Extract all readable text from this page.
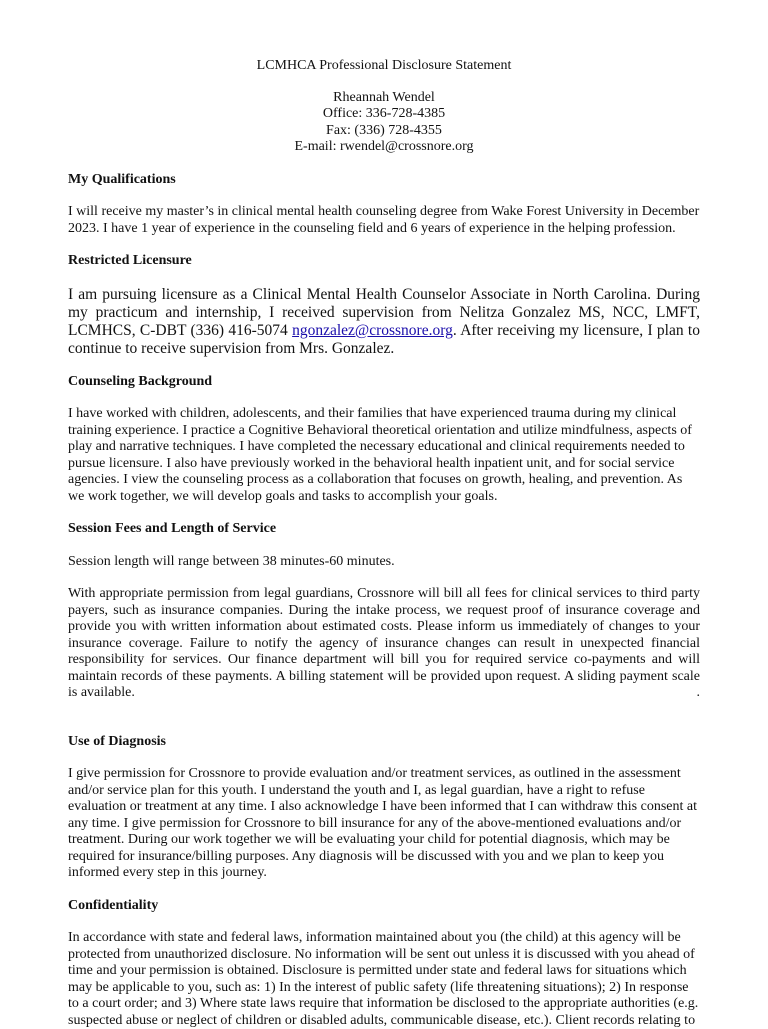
LCMHCA Professional Disclosure Statement
Rheannah Wendel
Office: 336-728-4385
Fax: (336) 728-4355
E-mail: rwendel@crossnore.org
My Qualifications
I will receive my master’s in clinical mental health counseling degree from Wake Forest University in December 2023. I have 1 year of experience in the counseling field and 6 years of experience in the helping profession.
Restricted Licensure
I am pursuing licensure as a Clinical Mental Health Counselor Associate in North Carolina. During my practicum and internship, I received supervision from Nelitza Gonzalez MS, NCC, LMFT, LCMHCS, C-DBT (336) 416-5074 ngonzalez@crossnore.org. After receiving my licensure, I plan to continue to receive supervision from Mrs. Gonzalez.
Counseling Background
I have worked with children, adolescents, and their families that have experienced trauma during my clinical training experience. I practice a Cognitive Behavioral theoretical orientation and utilize mindfulness, aspects of play and narrative techniques. I have completed the necessary educational and clinical requirements needed to pursue licensure. I also have previously worked in the behavioral health inpatient unit, and for social service agencies. I view the counseling process as a collaboration that focuses on growth, healing, and prevention. As we work together, we will develop goals and tasks to accomplish your goals.
Session Fees and Length of Service
Session length will range between 38 minutes-60 minutes.
With appropriate permission from legal guardians, Crossnore will bill all fees for clinical services to third party payers, such as insurance companies. During the intake process, we request proof of insurance coverage and provide you with written information about estimated costs. Please inform us immediately of changes to your insurance coverage. Failure to notify the agency of insurance changes can result in unexpected financial responsibility for services. Our finance department will bill you for required service co-payments and will maintain records of these payments. A billing statement will be provided upon request. A sliding payment scale is available.	.
Use of Diagnosis
I give permission for Crossnore to provide evaluation and/or treatment services, as outlined in the assessment and/or service plan for this youth. I understand the youth and I, as legal guardian, have a right to refuse evaluation or treatment at any time. I also acknowledge I have been informed that I can withdraw this consent at any time. I give permission for Crossnore to bill insurance for any of the above-mentioned evaluations and/or treatment. During our work together we will be evaluating your child for potential diagnosis, which may be required for insurance/billing purposes. Any diagnosis will be discussed with you and we plan to keep you informed every step in this journey.
Confidentiality
In accordance with state and federal laws, information maintained about you (the child) at this agency will be protected from unauthorized disclosure. No information will be sent out unless it is discussed with you ahead of time and your permission is obtained. Disclosure is permitted under state and federal laws for situations which may be applicable to you, such as: 1) In the interest of public safety (life threatening situations); 2) In response to a court order; and 3) Where state laws require that information be disclosed to the appropriate authorities (e.g. suspected abuse or neglect of children or disabled adults, communicable disease, etc.). Client records relating to
